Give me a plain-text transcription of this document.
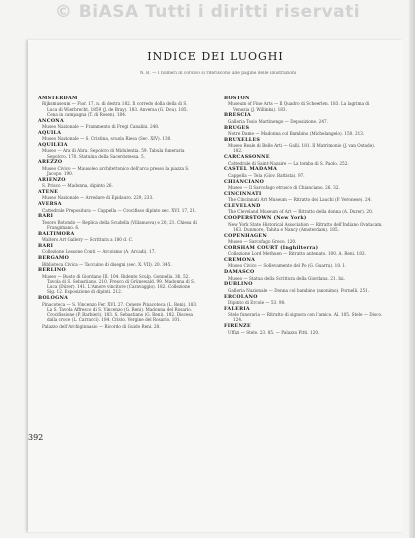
© BiASA Tutti i diritti riservati
INDICE DEI LUOGHI
N. B. — I numeri in corsivo si riferiscono alle pagine delle illustrazioni
AMSTERDAM
Rijksmuseum — Fior. 17, n. di destra 182. Il corredo dolla della di S. Luca di Wierbrecht. 1859 (J. de Bray). 183. Anversa (G. Dou). 185. Cena in campagna (T. di Rosen). 184.
ANCONA
Museo Nazionale — Frammento di Fregi Canalini. 248.
AQUILA
Museo Nazionale — S. Cristina, scuola Riesa (Sec. XIV). 130.
AQUILEIA
Museo — Ara di Abra. Sepolcro di Midulentia. 59. Tabula funeraria Sepolcro. 170. Statuina della Sacerdotessa. 5.
AREZZO
Museo Civico — Mausoleo architettonico dell'arca presso la piazza S. Jacopo. 190.
ARIENZO
S. Prisco — Madonna, dipinto 26.
ATENE
Museo Nazionale — Arredare di Epidauro. 229, 233.
AVERSA
Cattedrale Prepositura — Cappella — Crocifisso dipinto sec. XVI. 17, 21.
BARI
Tesoro Rotondo — Replica della Scudella (Villanuova) e 20, 21. Chiesa di Frangimano. 6.
BALTIMORA
Walters Art Gallery — Scrittura a 180 d. C.
BARI
Collezione Lessone Conti — Arcoismo (A. Arcadi). 17.
BERGAMO
Biblioteca Civica — Taccuino di disegni (sec. X. VII). 20. 345.
BERLINO
Museo — Busto di Giordano III. 104. Ridente Sculp. Gonnella. 36, 52. Tavola di S. Sebastiano. 210. Fresco di Grünewald. 99. Madonna di S. Luca (Dürer). 141. L'Amore vincitore (Caravaggio). 182. Collezione Sig. 12. Esposizione di dipinti. 212.
BOLOGNA
Pinacoteca — S. Vincenzo Fer. XVI. 27. Cenere Pinacoteca (L. Reni). 183. La S. Tavola Affresco di S. Vincenzo (G. Reni). Madonna del Rosario. Crocifissione (P. Barbieri). 183. S. Sebastiano (G. Reni). 182. Discesa dalla croce (L. Carracci). 184. Cristo. Vergine del Rosario. 101.
Palazzo dell'Archiginnasio — Ricordo di Guido Reni. 28.
BOSTON
Museum of Fine Arts — Il Quadro di Scheerlen. 183. La lagrima di Venezia (J. Willinks). 183.
BRESCIA
Galleria Tosio Martinengo — Deposizione. 247.
BRUGES
Notre Dame — Madonna col Bambino (Michelangelo). 150. 213.
BRUXELLES
Museo Reale di Belle Arti — Galli. 181. Il Matrimonio (J. van Ostade). 182.
CARCASSONNE
Cattedrale di Saint-Nazaire — La tomba di S. Paolo. 252.
CASTEL MADAMA
Cappella — Tela (Giov. Battista). 97.
CHIANCIANO
Museo — Il Sarcofago etrusco di Chianciano. 26. 32.
CINCINNATI
The Cincinnati Art Museum — Ritratto dei Lauchi (P. Veronese). 24.
CLEVELAND
The Cleveland Museum of Art — Ritratto della donna (A. Durer). 20.
COOPERSTOWN (New York)
New York State Historical Association — Ritratto dell'Indiano Ovatacam. 163. Dunmore, Tahita e Nancy (Amsterdam). 185.
COPENHAGEN
Museo — Sarcofago Greco. 120.
CORSHAM COURT (Inghilterra)
Collezione Lord Methuen — Ritratto antenato. 100. A. Reni. 183.
CREMONA
Museo Civico — Sollevamento del Po (G. Guarra). 10. I.
DAMASCO
Museo — Statua della Scrittura della Giordana. 21. Ixi.
DUBLINO
Galleria Nazionale — Donna col bambino (anonimo). Pornelli. 251.
ERCOLANO
Dipinto di Ercole — 53. 98.
FALERIA
Stele funeraria — Ritratto di signora con l'amico. Al. 105. Stele — Disco. 124.
FIRENZE
Uffizi — Stele. 23. 85. — Palazzo Pitti. 120.
392
